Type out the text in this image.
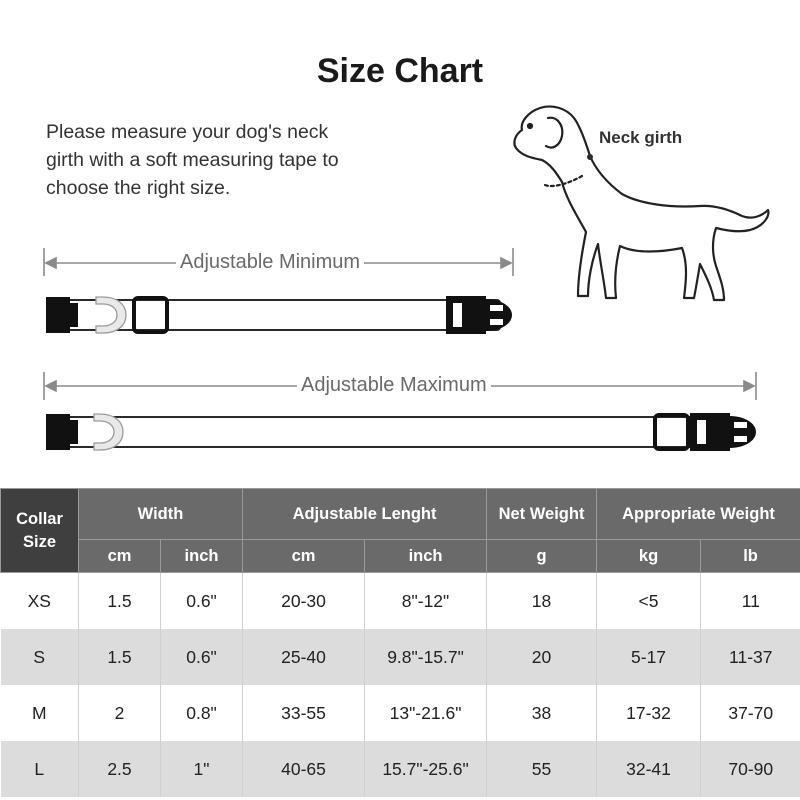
Size Chart
Please measure your dog's neck
girth with a soft measuring tape to
choose the right size.
Neck girth
Adjustable Minimum
Adjustable Maximum
Collar
Size	Width		Adjustable Lenght		Net Weight	Appropriate Weight	
	cm	inch	cm	inch	g	kg	lb
XS	1.5	0.6"	20-30	8"-12"	18	<5	11
S	1.5	0.6"	25-40	9.8"-15.7"	20	5-17	11-37
M	2	0.8"	33-55	13"-21.6"	38	17-32	37-70
L	2.5	1"	40-65	15.7"-25.6"	55	32-41	70-90
